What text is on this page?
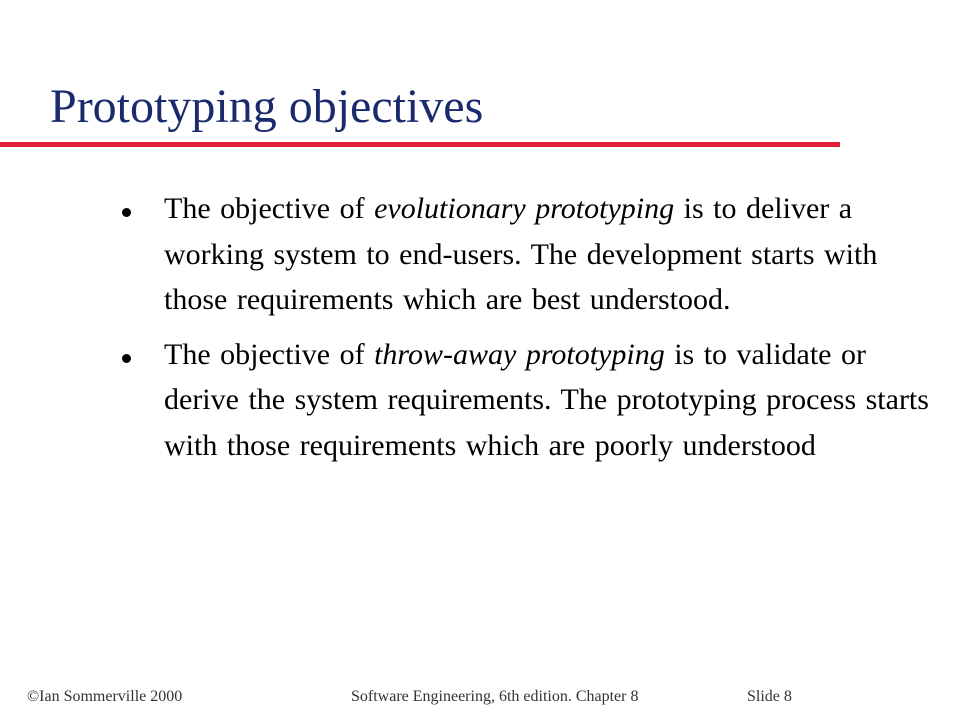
Prototyping objectives
The objective of evolutionary prototyping is to deliver a working system to end-users. The development starts with those requirements which are best understood.
The objective of throw-away prototyping is to validate or derive the system requirements. The prototyping process starts with those requirements which are poorly understood
©Ian Sommerville 2000	Software Engineering, 6th edition. Chapter 8	Slide 8
